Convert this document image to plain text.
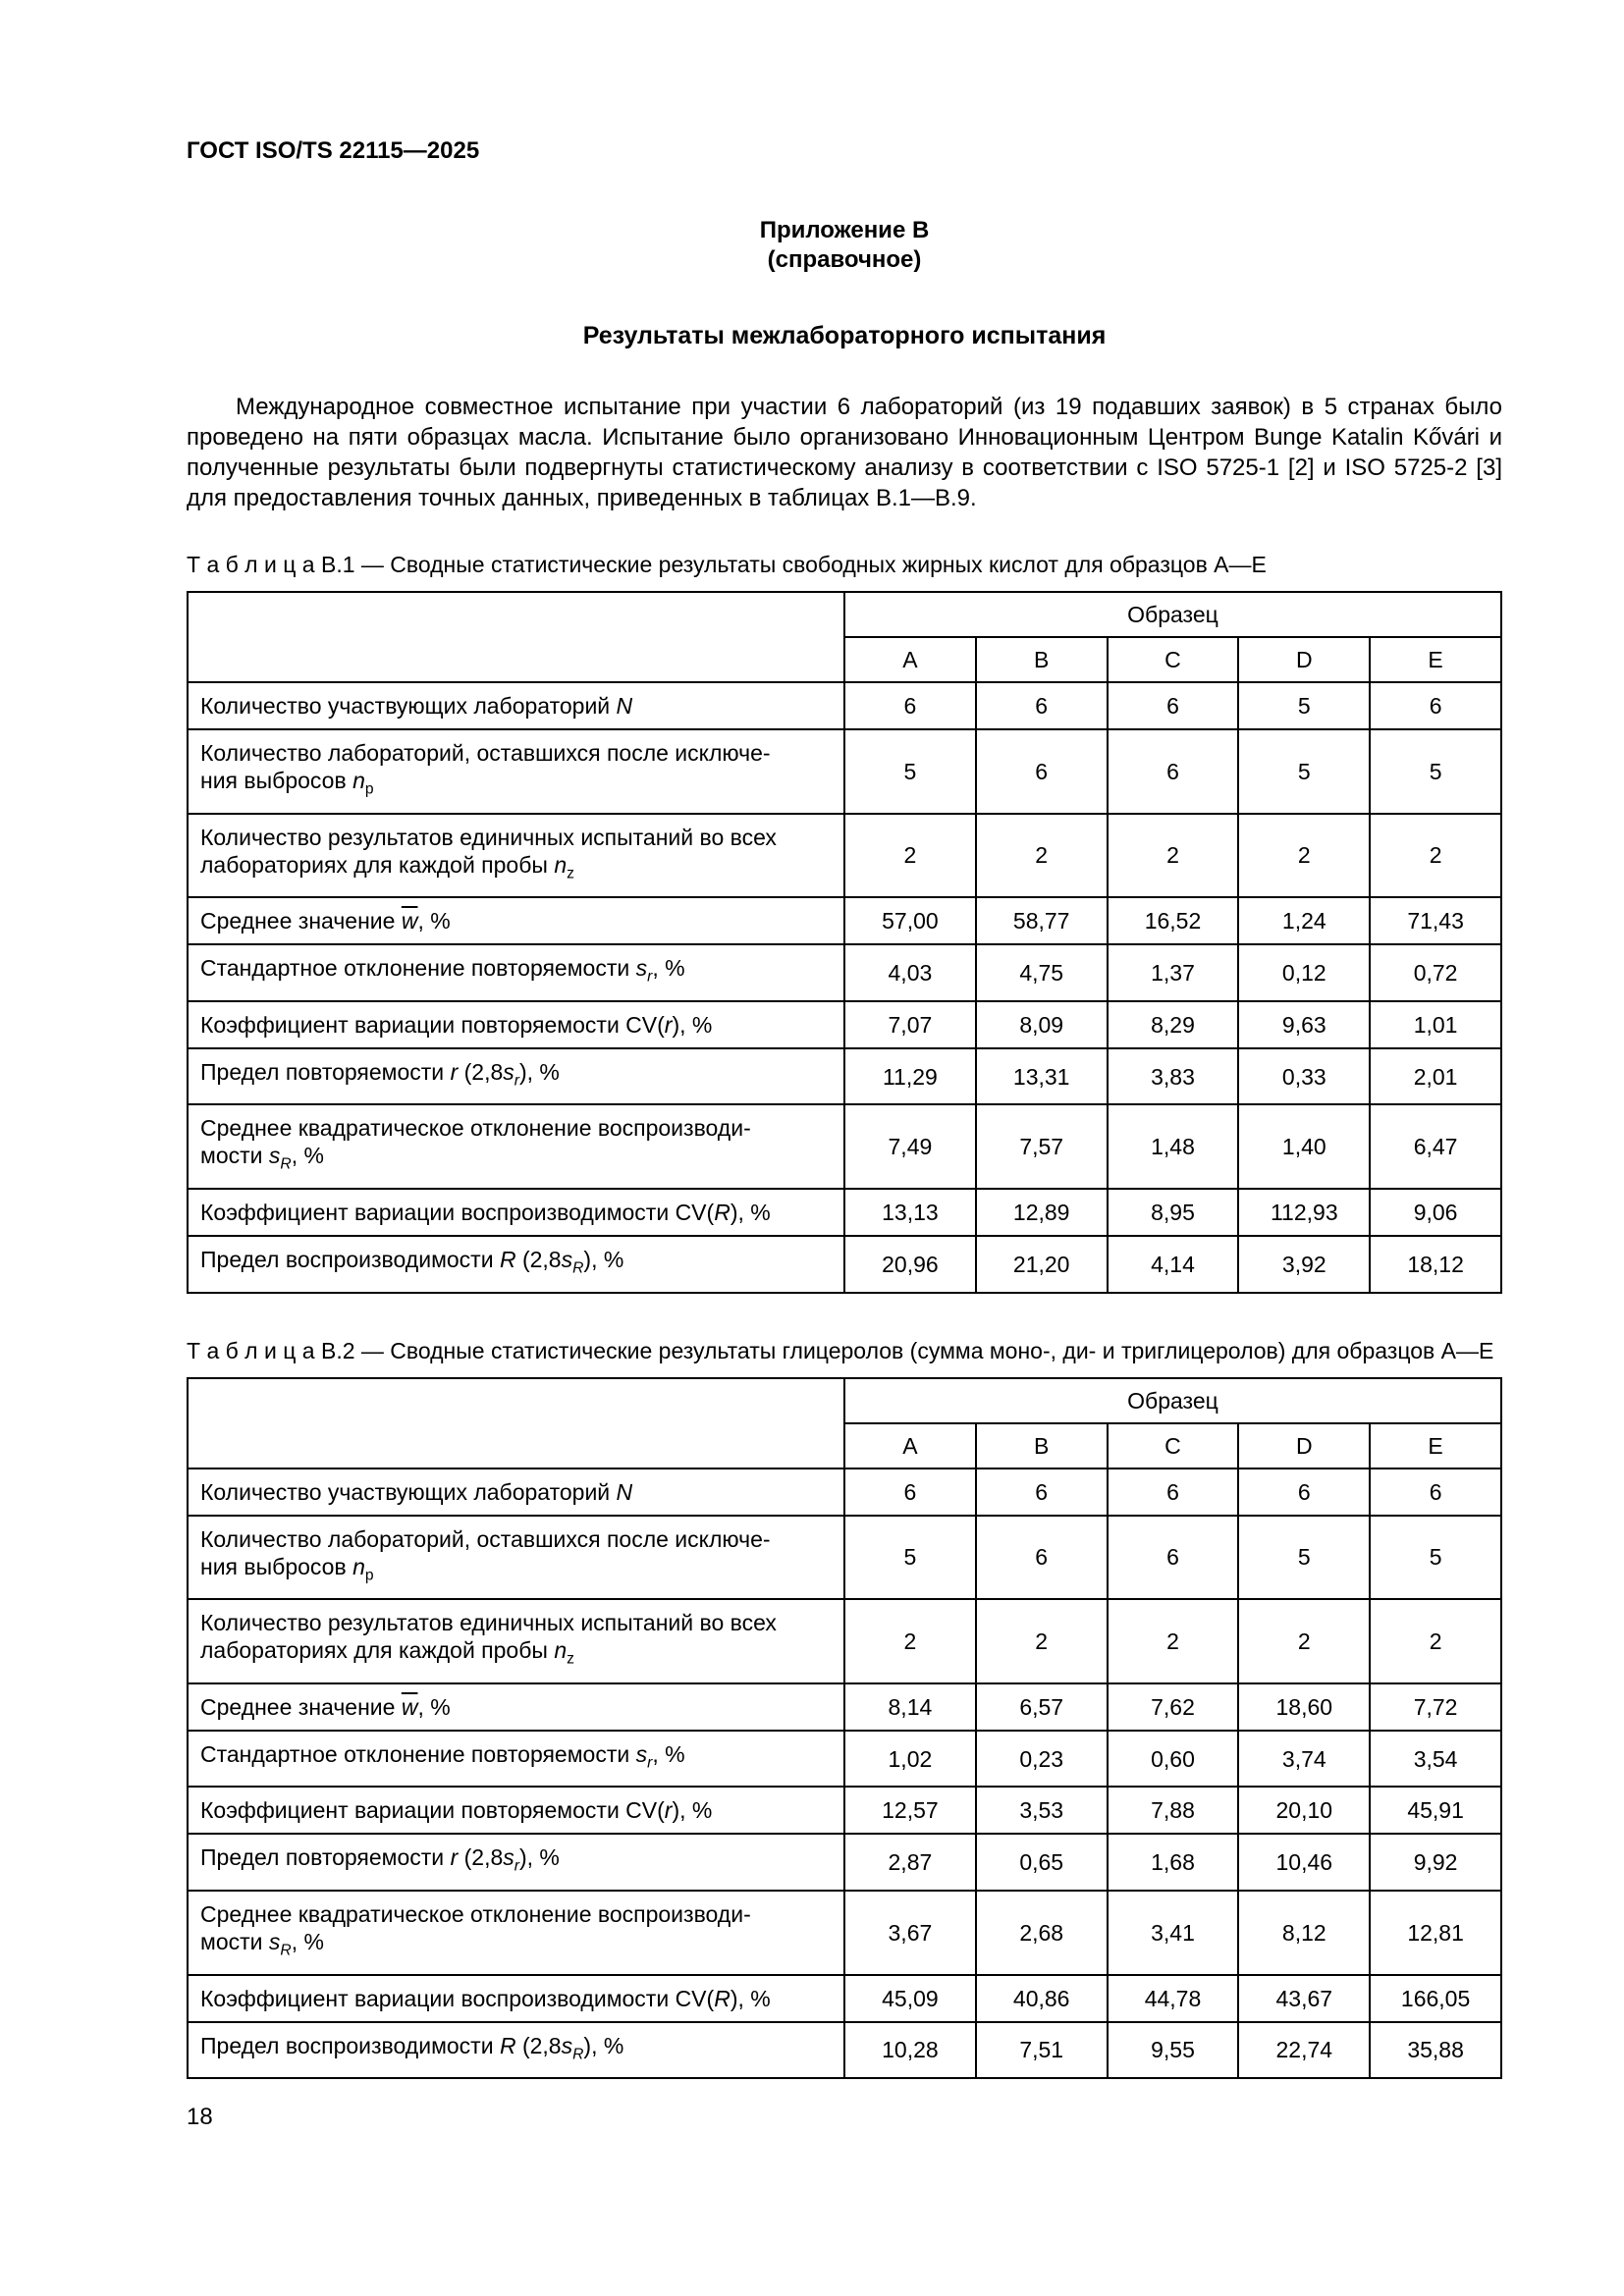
ГОСТ ISO/TS 22115—2025
Приложение В
(справочное)
Результаты межлабораторного испытания

Международное совместное испытание при участии 6 лабораторий (из 19 подавших заявок) в 5 странах было проведено на пяти образцах масла. Испытание было организовано Инновационным Центром Bunge Katalin Kővári и полученные результаты были подвергнуты статистическому анализу в соответствии с ISO 5725-1 [2] и ISO 5725-2 [3] для предоставления точных данных, приведенных в таблицах В.1—В.9.

Т а б л и ц а В.1 — Сводные статистические результаты свободных жирных кислот для образцов А—Е

	Образец				
	A	B	C	D	E
Количество участвующих лабораторий N	6	6	6	5	6
Количество лабораторий, оставшихся после исключе-
ния выбросов $n_p$	5	6	6	5	5
Количество результатов единичных испытаний во всех
лабораториях для каждой пробы $n_z$	2	2	2	2	2
Среднее значение $\overline{w}$, %	57,00	58,77	16,52	1,24	71,43
Стандартное отклонение повторяемости $s_r$, %	4,03	4,75	1,37	0,12	0,72
Коэффициент вариации повторяемости CV(r), %	7,07	8,09	8,29	9,63	1,01
Предел повторяемости r $(2,8s_r)$, %	11,29	13,31	3,83	0,33	2,01
Среднее квадратическое отклонение воспроизводи-
мости $s_R$, %	7,49	7,57	1,48	1,40	6,47
Коэффициент вариации воспроизводимости CV(R), %	13,13	12,89	8,95	112,93	9,06
Предел воспроизводимости R $(2,8s_R)$, %	20,96	21,20	4,14	3,92	18,12

Т а б л и ц а В.2 — Сводные статистические результаты глицеролов (сумма моно-, ди- и триглицеролов) для образцов А—Е

	Образец				
	A	B	C	D	E
Количество участвующих лабораторий N	6	6	6	6	6
Количество лабораторий, оставшихся после исключе-
ния выбросов $n_p$	5	6	6	5	5
Количество результатов единичных испытаний во всех
лабораториях для каждой пробы $n_z$	2	2	2	2	2
Среднее значение $\overline{w}$, %	8,14	6,57	7,62	18,60	7,72
Стандартное отклонение повторяемости $s_r$, %	1,02	0,23	0,60	3,74	3,54
Коэффициент вариации повторяемости CV(r), %	12,57	3,53	7,88	20,10	45,91
Предел повторяемости r $(2,8s_r)$, %	2,87	0,65	1,68	10,46	9,92
Среднее квадратическое отклонение воспроизводи-
мости $s_R$, %	3,67	2,68	3,41	8,12	12,81
Коэффициент вариации воспроизводимости CV(R), %	45,09	40,86	44,78	43,67	166,05
Предел воспроизводимости R $(2,8s_R)$, %	10,28	7,51	9,55	22,74	35,88
18
